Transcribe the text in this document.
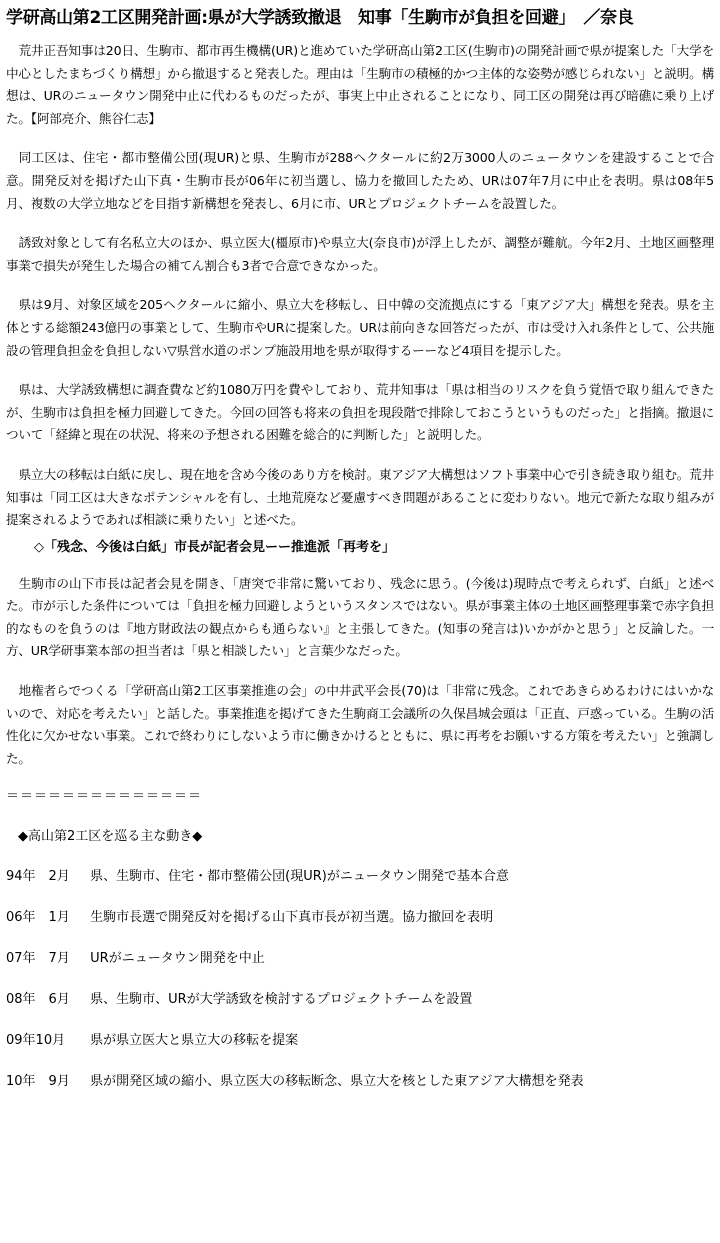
学研高山第2工区開発計画:県が大学誘致撤退　知事「生駒市が負担を回避」　／奈良

荒井正吾知事は20日、生駒市、都市再生機構(UR)と進めていた学研高山第2工区(生駒市)の開発計画で県が提案した「大学を中心としたまちづくり構想」から撤退すると発表した。理由は「生駒市の積極的かつ主体的な姿勢が感じられない」と説明。構想は、URのニュータウン開発中止に代わるものだったが、事実上中止されることになり、同工区の開発は再び暗礁に乗り上げた。【阿部亮介、熊谷仁志】

同工区は、住宅・都市整備公団(現UR)と県、生駒市が288ヘクタールに約2万3000人のニュータウンを建設することで合意。開発反対を掲げた山下真・生駒市長が06年に初当選し、協力を撤回したため、URは07年7月に中止を表明。県は08年5月、複数の大学立地などを目指す新構想を発表し、6月に市、URとプロジェクトチームを設置した。

誘致対象として有名私立大のほか、県立医大(橿原市)や県立大(奈良市)が浮上したが、調整が難航。今年2月、土地区画整理事業で損失が発生した場合の補てん割合も3者で合意できなかった。

県は9月、対象区域を205ヘクタールに縮小、県立大を移転し、日中韓の交流拠点にする「東アジア大」構想を発表。県を主体とする総額243億円の事業として、生駒市やURに提案した。URは前向きな回答だったが、市は受け入れ条件として、公共施設の管理負担金を負担しない▽県営水道のポンプ施設用地を県が取得するーーなど4項目を提示した。

県は、大学誘致構想に調査費など約1080万円を費やしており、荒井知事は「県は相当のリスクを負う覚悟で取り組んできたが、生駒市は負担を極力回避してきた。今回の回答も将来の負担を現段階で排除しておこうというものだった」と指摘。撤退について「経緯と現在の状況、将来の予想される困難を総合的に判断した」と説明した。

県立大の移転は白紙に戻し、現在地を含め今後のあり方を検討。東アジア大構想はソフト事業中心で引き続き取り組む。荒井知事は「同工区は大きなポテンシャルを有し、土地荒廃など憂慮すべき問題があることに変わりない。地元で新たな取り組みが提案されるようであれば相談に乗りたい」と述べた。

◇「残念、今後は白紙」市長が記者会見ーー推進派「再考を」

生駒市の山下市長は記者会見を開き、「唐突で非常に驚いており、残念に思う。(今後は)現時点で考えられず、白紙」と述べた。市が示した条件については「負担を極力回避しようというスタンスではない。県が事業主体の土地区画整理事業で赤字負担的なものを負うのは『地方財政法の観点からも通らない』と主張してきた。(知事の発言は)いかがかと思う」と反論した。一方、UR学研事業本部の担当者は「県と相談したい」と言葉少なだった。

地権者らでつくる「学研高山第2工区事業推進の会」の中井武平会長(70)は「非常に残念。これであきらめるわけにはいかないので、対応を考えたい」と話した。事業推進を掲げてきた生駒商工会議所の久保昌城会頭は「正直、戸惑っている。生駒の活性化に欠かせない事業。これで終わりにしないよう市に働きかけるとともに、県に再考をお願いする方策を考えたい」と強調した。

＝＝＝＝＝＝＝＝＝＝＝＝＝＝
◆高山第2工区を巡る主な動き◆
94年　2月 県、生駒市、住宅・都市整備公団(現UR)がニュータウン開発で基本合意
06年　1月 生駒市長選で開発反対を掲げる山下真市長が初当選。協力撤回を表明
07年　7月 URがニュータウン開発を中止
08年　6月 県、生駒市、URが大学誘致を検討するプロジェクトチームを設置
09年10月 県が県立医大と県立大の移転を提案
10年　9月 県が開発区域の縮小、県立医大の移転断念、県立大を核とした東アジア大構想を発表
